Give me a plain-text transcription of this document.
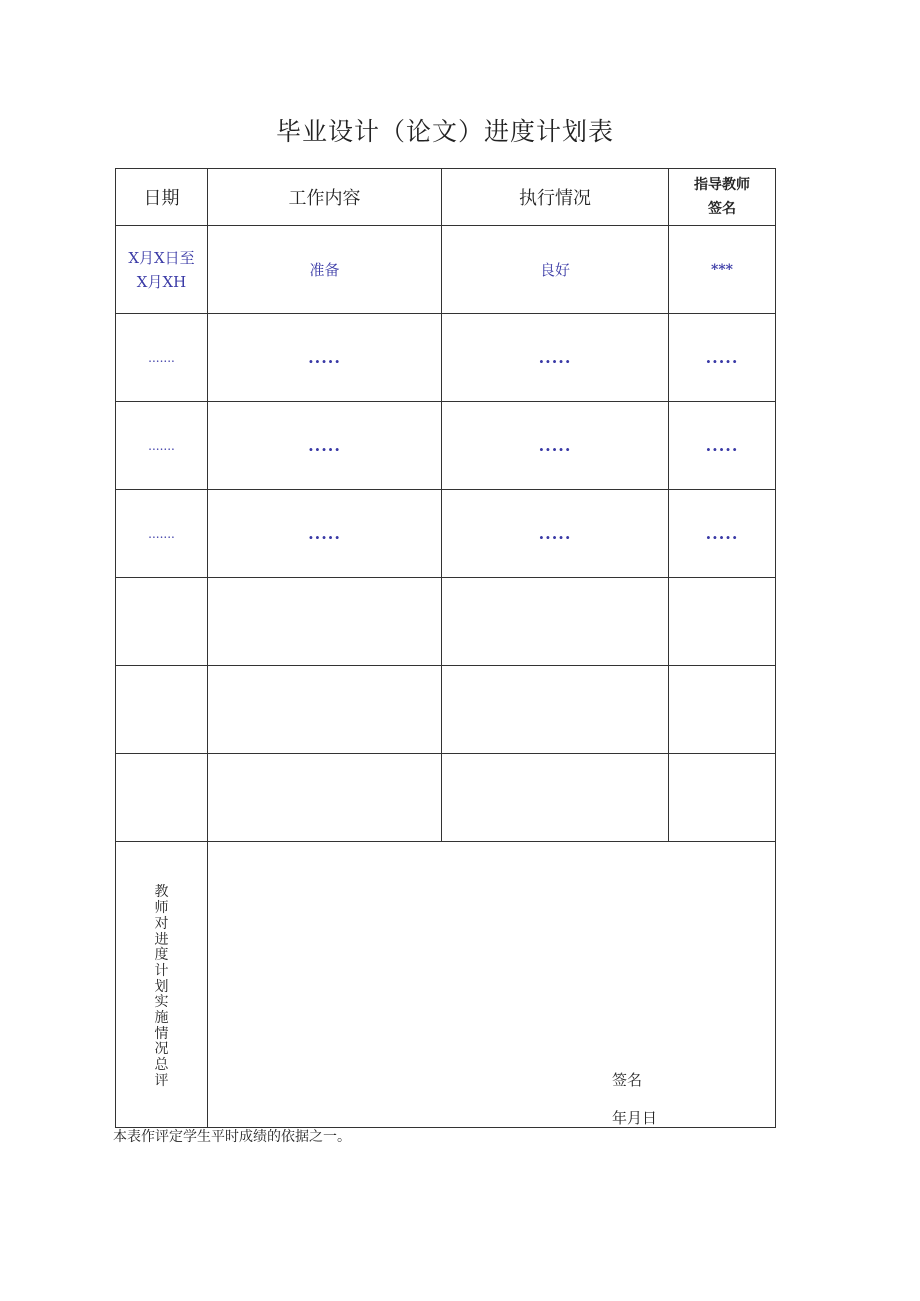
毕业设计（论文）进度计划表
日期	工作内容	执行情况	指导教师
签名

X月X日至
X月XH	准备	良好	***
.......	.....	.....	.....
.......	.....	.....	.....
.......	.....	.....	.....

教师对进度计划实施情况总评	签名
年月日		
本表作评定学生平时成绩的依据之一。
